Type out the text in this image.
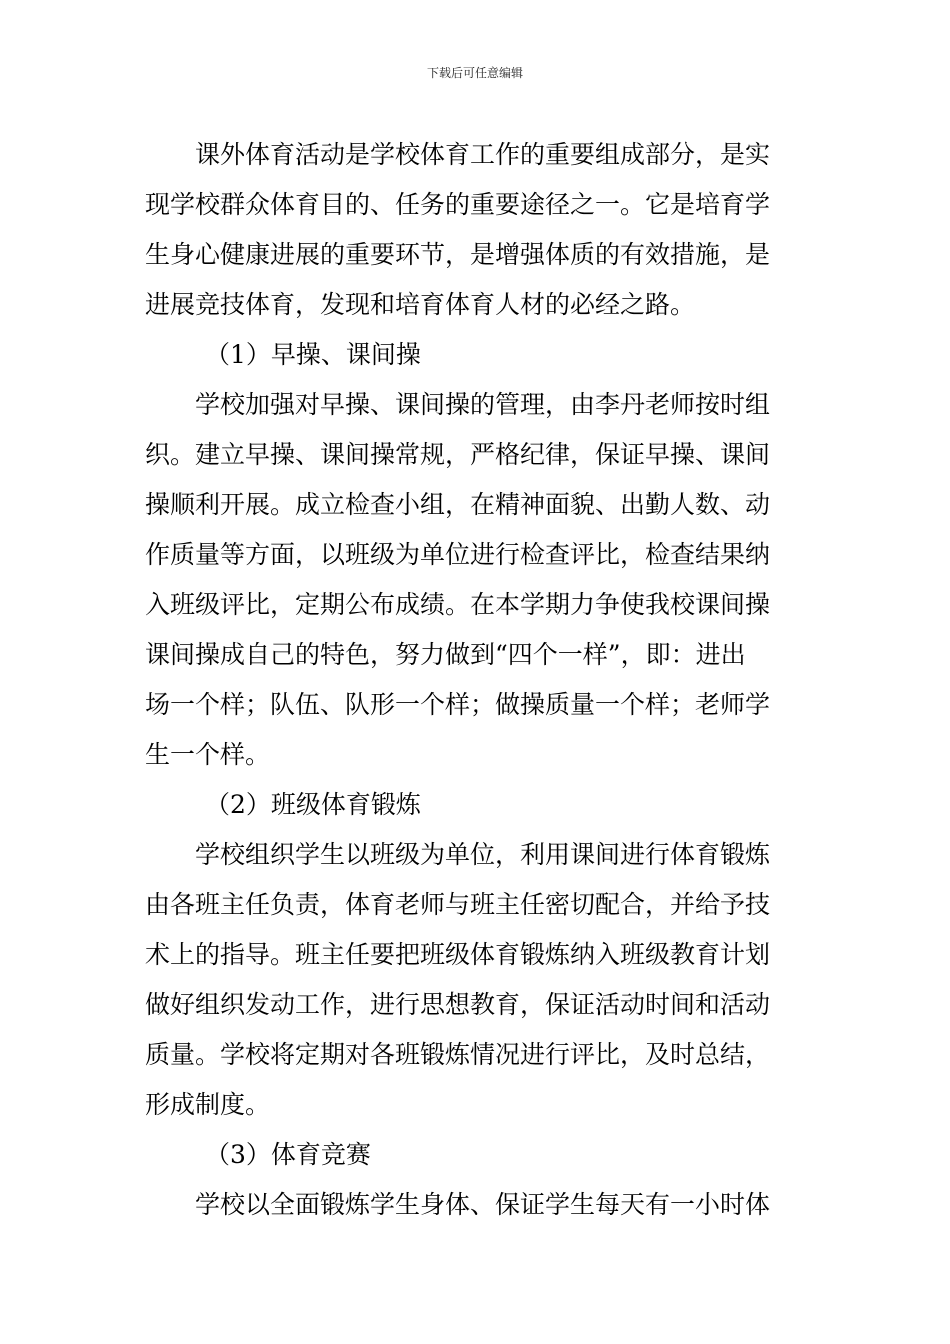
下载后可任意编辑
课外体育活动是学校体育工作的重要组成部分，是实
现学校群众体育目的、任务的重要途径之一。它是培育学
生身心健康进展的重要环节，是增强体质的有效措施，是
进展竞技体育，发现和培育体育人材的必经之路。
（1）早操、课间操
学校加强对早操、课间操的管理，由李丹老师按时组
织。建立早操、课间操常规，严格纪律，保证早操、课间
操顺利开展。成立检查小组，在精神面貌、出勤人数、动
作质量等方面，以班级为单位进行检查评比，检查结果纳
入班级评比，定期公布成绩。在本学期力争使我校课间操
课间操成自己的特色，努力做到“四个一样”，即：进出
场一个样；队伍、队形一个样；做操质量一个样；老师学
生一个样。
（2）班级体育锻炼
学校组织学生以班级为单位，利用课间进行体育锻炼
由各班主任负责，体育老师与班主任密切配合，并给予技
术上的指导。班主任要把班级体育锻炼纳入班级教育计划
做好组织发动工作，进行思想教育，保证活动时间和活动
质量。学校将定期对各班锻炼情况进行评比，及时总结，
形成制度。
（3）体育竞赛
学校以全面锻炼学生身体、保证学生每天有一小时体
